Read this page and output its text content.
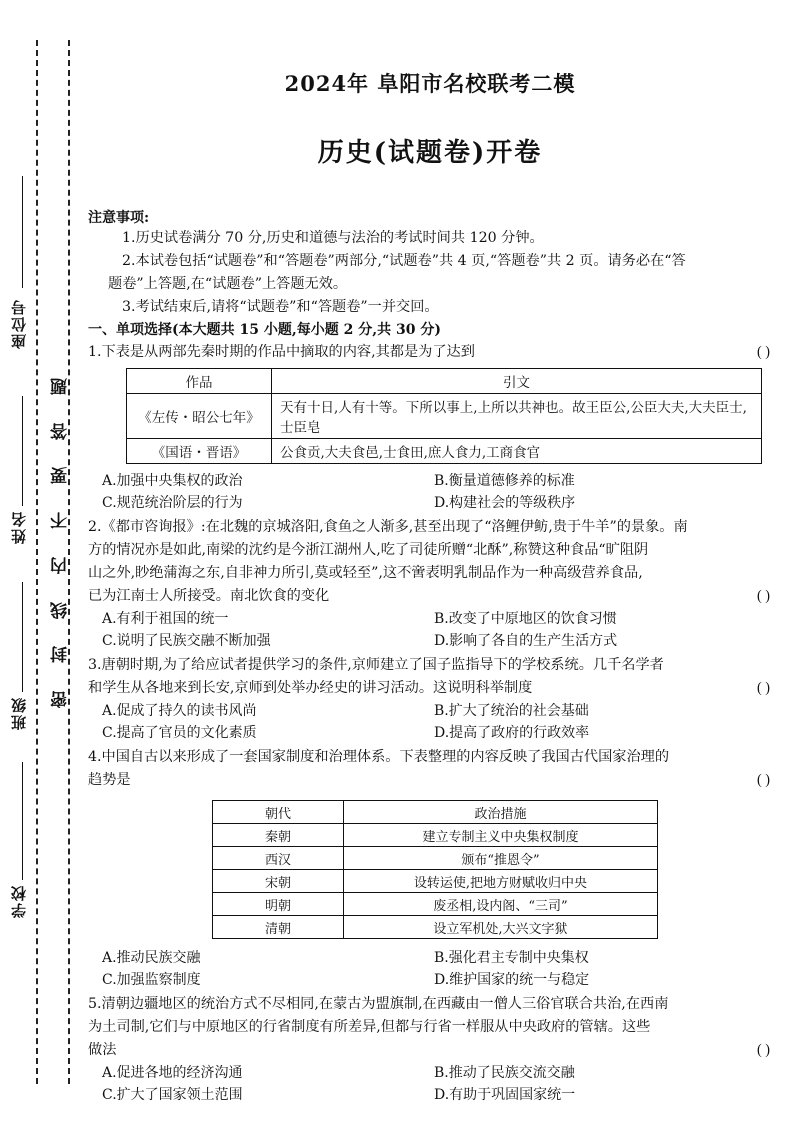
座位号
姓名
班级
学校
密
封
线
内
不
要
答
题
2024年 阜阳市名校联考二模
历史(试题卷)开卷

注意事项:

1.历史试卷满分 70 分,历史和道德与法治的考试时间共 120 分钟。

2.本试卷包括“试题卷”和“答题卷”两部分,“试题卷”共 4 页,“答题卷”共 2 页。请务必在“答

题卷”上答题,在“试题卷”上答题无效。

3.考试结束后,请将“试题卷”和“答题卷”一并交回。

一、单项选择(本大题共 15 小题,每小题 2 分,共 30 分)

1.下表是从两部先秦时期的作品中摘取的内容,其都是为了达到	( )

作品	引文
《左传・昭公七年》	天有十日,人有十等。下所以事上,上所以共神也。故王臣公,公臣大夫,大夫臣士,士臣皂
《国语・晋语》	公食贡,大夫食邑,士食田,庶人食力,工商食官
A.加强中央集权的政治	B.衡量道德修养的标准
C.规范统治阶层的行为	D.构建社会的等级秩序

2.《都市咨询报》:在北魏的京城洛阳,食鱼之人渐多,甚至出现了“洛鲤伊鲂,贵于牛羊”的景象。南

方的情况亦是如此,南梁的沈约是今浙江湖州人,吃了司徒所赠“北酥”,称赞这种食品“旷阻阴

山之外,眇绝蒲海之东,自非神力所引,莫或轻至”,这不啻表明乳制品作为一种高级营养食品,

已为江南士人所接受。南北饮食的变化	( )

A.有利于祖国的统一	B.改变了中原地区的饮食习惯
C.说明了民族交融不断加强	D.影响了各自的生产生活方式

3.唐朝时期,为了给应试者提供学习的条件,京师建立了国子监指导下的学校系统。几千名学者

和学生从各地来到长安,京师到处举办经史的讲习活动。这说明科举制度	( )

A.促成了持久的读书风尚	B.扩大了统治的社会基础
C.提高了官员的文化素质	D.提高了政府的行政效率

4.中国自古以来形成了一套国家制度和治理体系。下表整理的内容反映了我国古代国家治理的

趋势是	( )

朝代	政治措施
秦朝	建立专制主义中央集权制度
西汉	颁布“推恩令”
宋朝	设转运使,把地方财赋收归中央
明朝	废丞相,设内阁、“三司”
清朝	设立军机处,大兴文字狱
A.推动民族交融	B.强化君主专制中央集权
C.加强监察制度	D.维护国家的统一与稳定

5.清朝边疆地区的统治方式不尽相同,在蒙古为盟旗制,在西藏由一僧人三俗官联合共治,在西南

为土司制,它们与中原地区的行省制度有所差异,但都与行省一样服从中央政府的管辖。这些

做法	( )

A.促进各地的经济沟通	B.推动了民族交流交融
C.扩大了国家领土范围	D.有助于巩固国家统一
